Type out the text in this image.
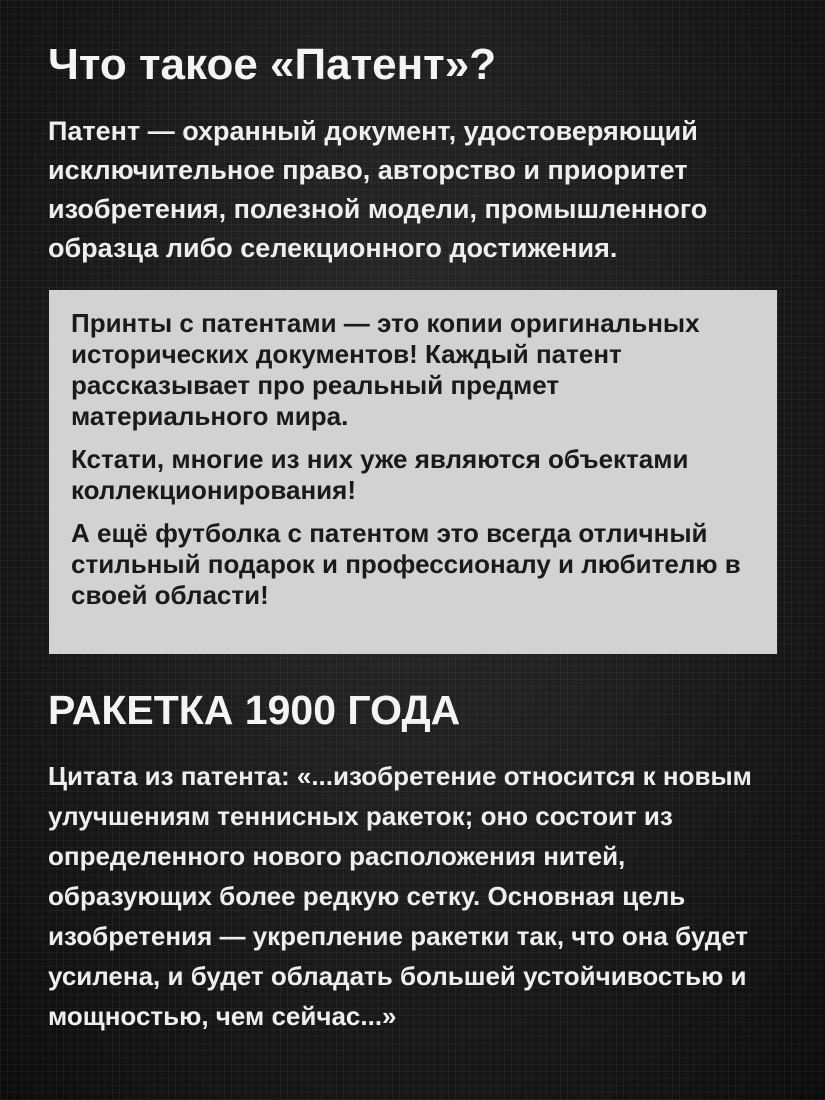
Что такое «Патент»?

Патент — охранный документ, удостоверяющий исключительное право, авторство и приоритет изобретения, полезной модели, промышленного образца либо селекционного достижения.

Принты с патентами — это копии оригинальных исторических документов! Каждый патент рассказывает про реальный предмет материального мира.

Кстати, многие из них уже являются объектами коллекционирования!

А ещё футболка с патентом это всегда отличный стильный подарок и профессионалу и любителю в своей области!

РАКЕТКА 1900 ГОДА

Цитата из патента: «...изобретение относится к новым улучшениям теннисных ракеток; оно состоит из определенного нового расположения нитей, образующих более редкую сетку. Основная цель изобретения — укрепление ракетки так, что она будет усилена, и будет обладать большей устойчивостью и мощностью, чем сейчас...»
